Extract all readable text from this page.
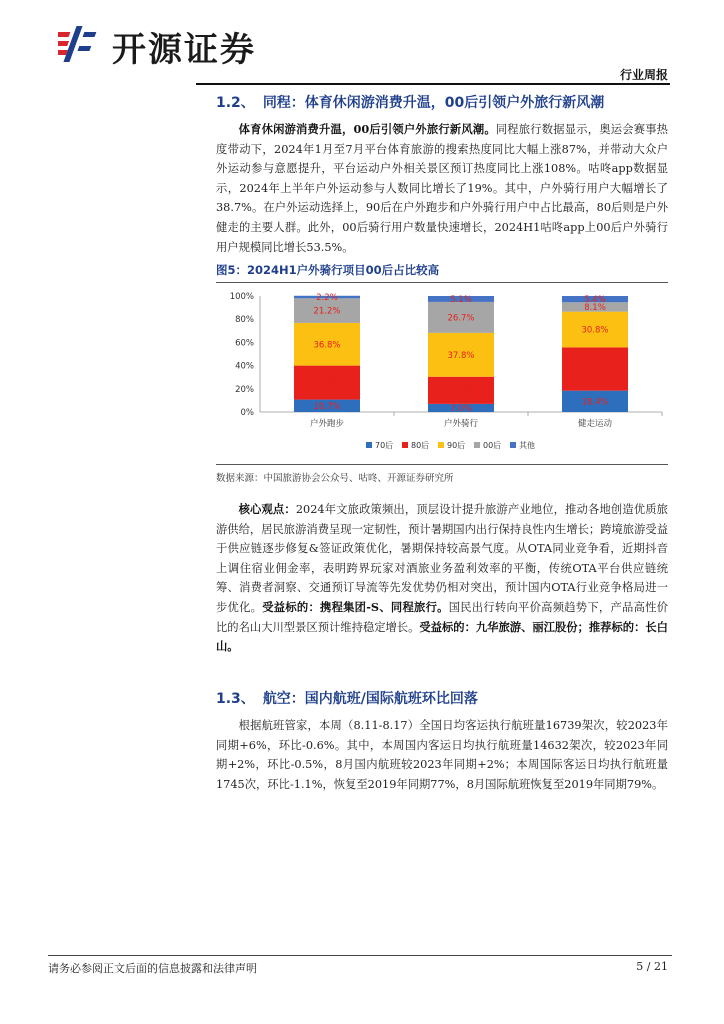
开源证券
行业周报
1.2、 同程：体育休闲游消费升温，00后引领户外旅行新风潮
体育休闲游消费升温，00后引领户外旅行新风潮。同程旅行数据显示，奥运会赛事热度带动下，2024年1月至7月平台体育旅游的搜索热度同比大幅上涨87%，并带动大众户外运动参与意愿提升，平台运动户外相关景区预订热度同比上涨108%。咕咚app数据显示，2024年上半年户外运动参与人数同比增长了19%。其中，户外骑行用户大幅增长了38.7%。在户外运动选择上，90后在户外跑步和户外骑行用户中占比最高，80后则是户外健走的主要人群。此外，00后骑行用户数量快速增长，2024H1咕咚app上00后户外骑行用户规模同比增长53.5%。
图5：2024H1户外骑行项目00后占比较高
0%
20%
40%
60%
80%
100%
10.7%
29.3%
36.8%
21.2%
2.2%
户外跑步
7.0%
23.4%
37.8%
26.7%
5.1%
户外骑行
18.4%
37.3%
30.8%
8.1%
5.4%
健走运动
70后 80后 90后 00后 其他
数据来源：中国旅游协会公众号、咕咚、开源证券研究所
核心观点：2024年文旅政策频出，顶层设计提升旅游产业地位，推动各地创造优质旅游供给，居民旅游消费呈现一定韧性，预计暑期国内出行保持良性内生增长；跨境旅游受益于供应链逐步修复&签证政策优化，暑期保持较高景气度。从OTA同业竞争看，近期抖音上调住宿业佣金率，表明跨界玩家对酒旅业务盈利效率的平衡，传统OTA平台供应链统筹、消费者洞察、交通预订导流等先发优势仍相对突出，预计国内OTA行业竞争格局进一步优化。受益标的：携程集团-S、同程旅行。国民出行转向平价高频趋势下，产品高性价比的名山大川型景区预计维持稳定增长。受益标的：九华旅游、丽江股份；推荐标的：长白山。
1.3、 航空：国内航班/国际航班环比回落
根据航班管家，本周（8.11-8.17）全国日均客运执行航班量16739架次，较2023年同期+6%，环比-0.6%。其中，本周国内客运日均执行航班量14632架次，较2023年同期+2%，环比-0.5%，8月国内航班较2023年同期+2%；本周国际客运日均执行航班量1745次，环比-1.1%，恢复至2019年同期77%，8月国际航班恢复至2019年同期79%。
请务必参阅正文后面的信息披露和法律声明	5 / 21
